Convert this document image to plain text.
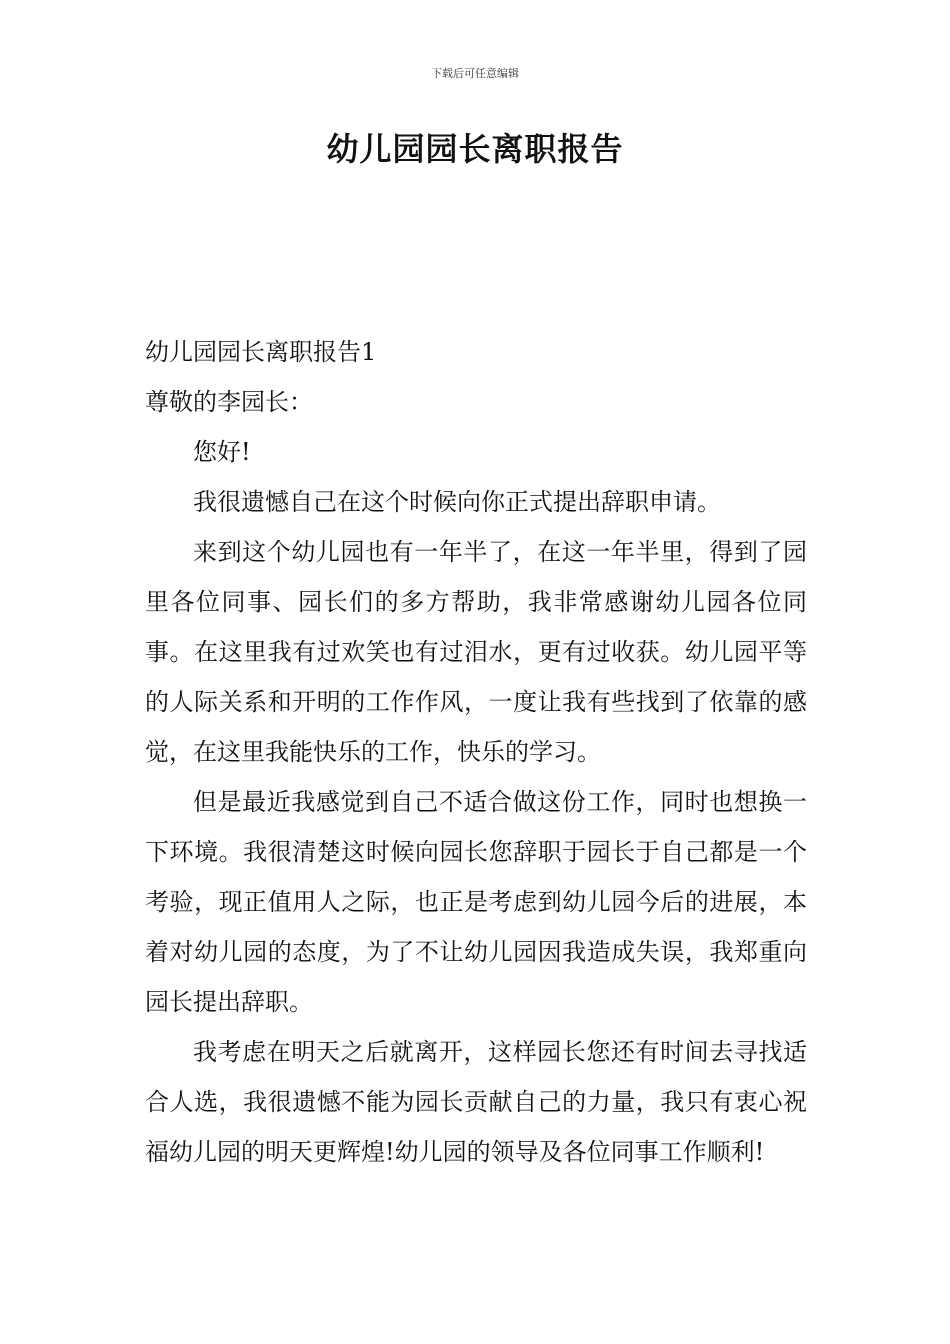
下载后可任意编辑
幼儿园园长离职报告

幼儿园园长离职报告1

尊敬的李园长：

您好!

我很遗憾自己在这个时候向你正式提出辞职申请。

来到这个幼儿园也有一年半了，在这一年半里，得到了园里各位同事、园长们的多方帮助，我非常感谢幼儿园各位同事。在这里我有过欢笑也有过泪水，更有过收获。幼儿园平等的人际关系和开明的工作作风，一度让我有些找到了依靠的感觉，在这里我能快乐的工作，快乐的学习。

但是最近我感觉到自己不适合做这份工作，同时也想换一下环境。我很清楚这时候向园长您辞职于园长于自己都是一个考验，现正值用人之际，也正是考虑到幼儿园今后的进展，本着对幼儿园的态度，为了不让幼儿园因我造成失误，我郑重向园长提出辞职。

我考虑在明天之后就离开，这样园长您还有时间去寻找适合人选，我很遗憾不能为园长贡献自己的力量，我只有衷心祝福幼儿园的明天更辉煌!幼儿园的领导及各位同事工作顺利!
